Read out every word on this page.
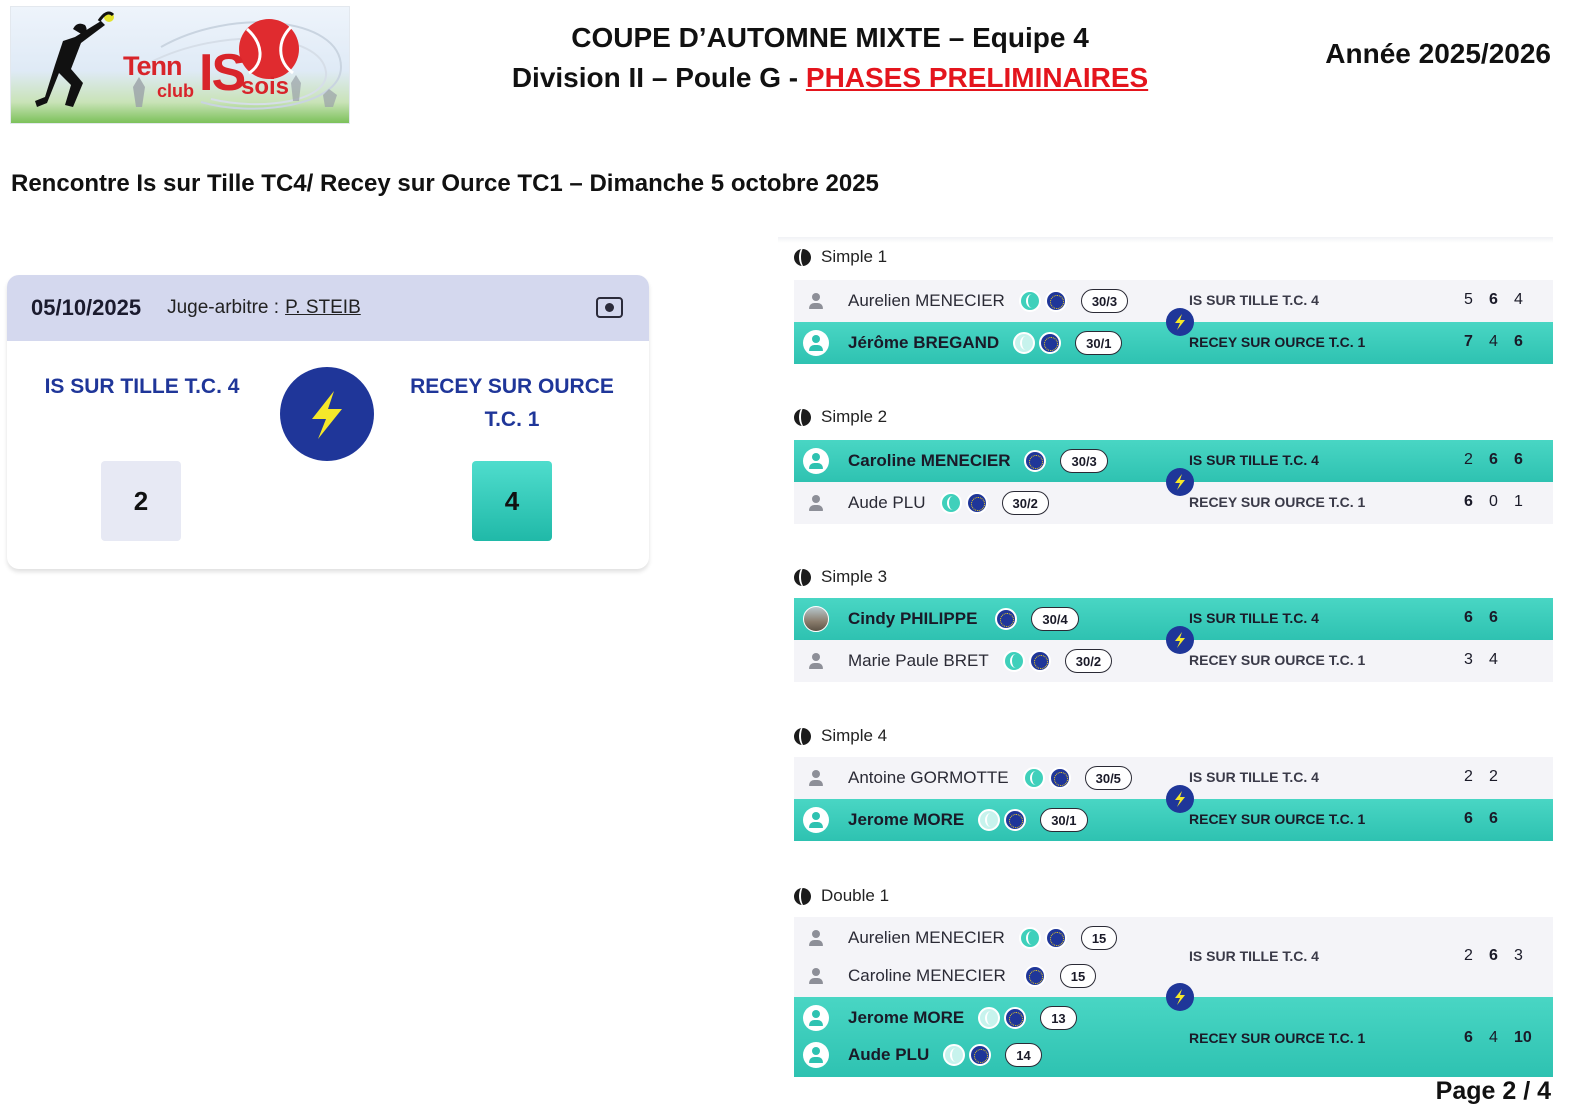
Tenn IS
club sois
COUPE D’AUTOMNE MIXTE – Equipe 4
Division II – Poule G - PHASES PRELIMINAIRES
Année 2025/2026
Rencontre Is sur Tille TC4/ Recey sur Ource TC1 – Dimanche 5 octobre 2025
05/10/2025 Juge-arbitre : P. STEIB
IS SUR TILLE T.C. 4	RECEY SUR OURCE
T.C. 1
2	4
Simple 1
Aurelien MENECIER	30/3	IS SUR TILLE T.C. 4	5	6	4
Jérôme BREGAND	30/1	RECEY SUR OURCE T.C. 1	7	4	6
Simple 2
Caroline MENECIER	30/3	IS SUR TILLE T.C. 4	2	6	6
Aude PLU	30/2	RECEY SUR OURCE T.C. 1	6	0	1
Simple 3
Cindy PHILIPPE	30/4	IS SUR TILLE T.C. 4	6	6
Marie Paule BRET	30/2	RECEY SUR OURCE T.C. 1	3	4
Simple 4
Antoine GORMOTTE	30/5	IS SUR TILLE T.C. 4	2	2
Jerome MORE	30/1	RECEY SUR OURCE T.C. 1	6	6
Double 1
Aurelien MENECIER	15
Caroline MENECIER	15
IS SUR TILLE T.C. 4	2	6	3
Jerome MORE	13
Aude PLU	14
RECEY SUR OURCE T.C. 1	6	4	10
Page 2 / 4
